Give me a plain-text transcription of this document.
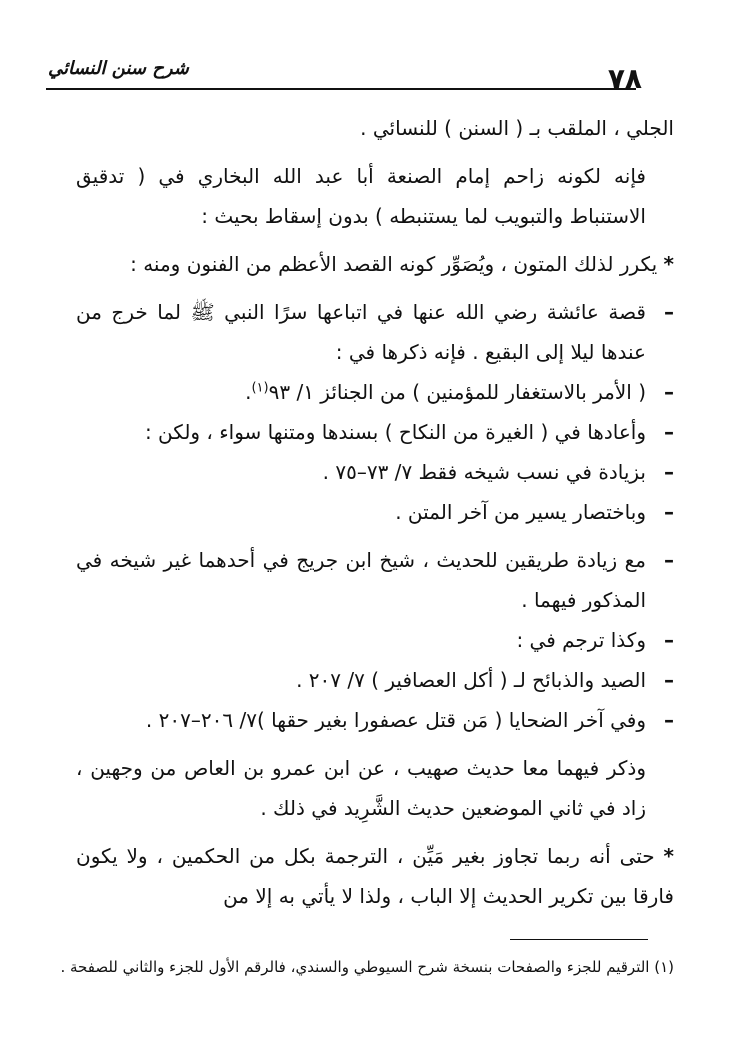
شرح سنن النسائي	٧٨

الجلي ، الملقب بـ ( السنن ) للنسائي .

فإنه لكونه زاحم إمام الصنعة أبا عبد الله البخاري في ( تدقيق الاستنباط والتبويب لما يستنبطه ) بدون إسقاط بحيث :

* يكرر لذلك المتون ، ويُصَوِّر كونه القصد الأعظم من الفنون ومنه :

–
قصة عائشة رضي الله عنها في اتباعها سرًا النبي ﷺ لما خرج من عندها ليلا إلى البقيع . فإنه ذكرها في :

–
( الأمر بالاستغفار للمؤمنين ) من الجنائز ١/ ٩٣$^{(١)}$.

–
وأعادها في ( الغيرة من النكاح ) بسندها ومتنها سواء ، ولكن :

–
بزيادة في نسب شيخه فقط ٧/ ٧٣–٧٥ .

–
وباختصار يسير من آخر المتن .

–
مع زيادة طريقين للحديث ، شيخ ابن جريج في أحدهما غير شيخه في المذكور فيهما .

–
وكذا ترجم في :

–
الصيد والذبائح لـ ( أكل العصافير ) ٧/ ٢٠٧ .

–
وفي آخر الضحايا ( مَن قتل عصفورا بغير حقها )٧/ ٢٠٦–٢٠٧ .

وذكر فيهما معا حديث صهيب ، عن ابن عمرو بن العاص من وجهين ، زاد في ثاني الموضعين حديث الشَّرِيد في ذلك .

* حتى أنه ربما تجاوز بغير مَيِّن ، الترجمة بكل من الحكمين ، ولا يكون فارقا بين تكرير الحديث إلا الباب ، ولذا لا يأتي به إلا من

(١) الترقيم للجزء والصفحات بنسخة شرح السيوطي والسندي، فالرقم الأول للجزء والثاني للصفحة .
